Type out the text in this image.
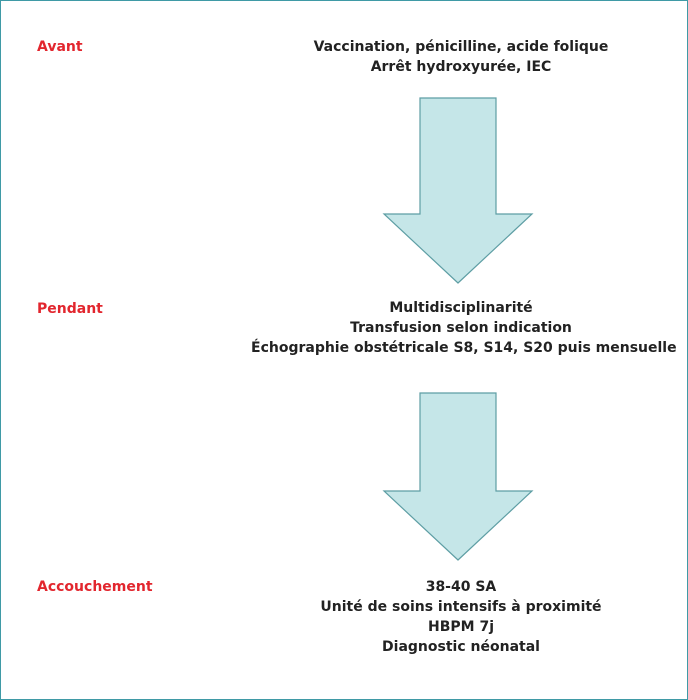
Avant	Vaccination, pénicilline, acide folique
Arrêt hydroxyurée, IEC
Pendant	Multidisciplinarité
Transfusion selon indication
Échographie obstétricale S8, S14, S20 puis mensuelle
Accouchement	38-40 SA
Unité de soins intensifs à proximité
HBPM 7j
Diagnostic néonatal
